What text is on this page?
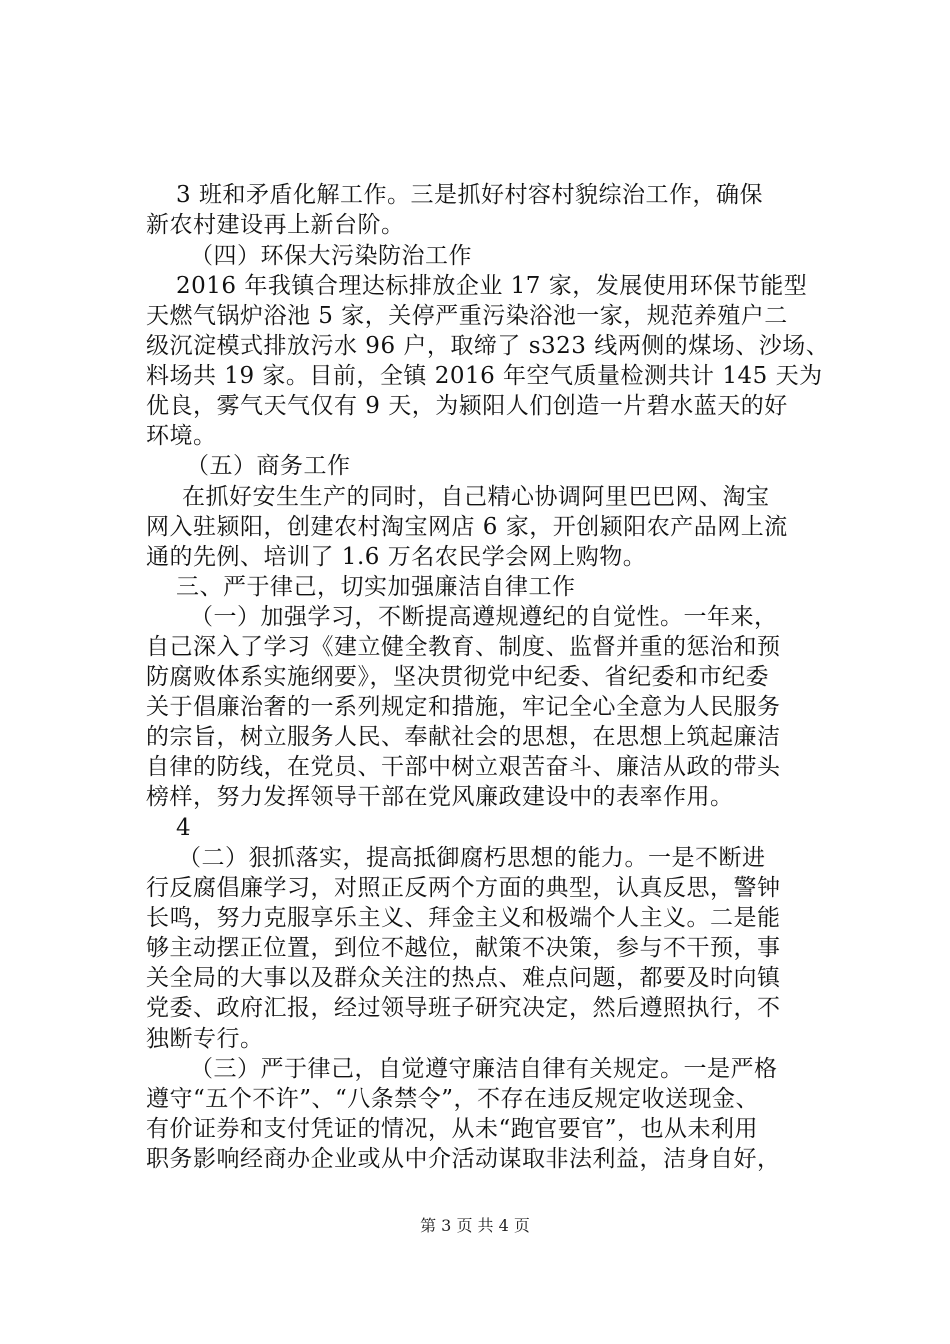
3 班和矛盾化解工作。三是抓好村容村貌综治工作，确保
新农村建设再上新台阶。
（四）环保大污染防治工作
2016 年我镇合理达标排放企业 17 家，发展使用环保节能型
天燃气锅炉浴池 5 家，关停严重污染浴池一家，规范养殖户二
级沉淀模式排放污水 96 户，取缔了 s323 线两侧的煤场、沙场、
料场共 19 家。目前，全镇 2016 年空气质量检测共计 145 天为
优良，雾气天气仅有 9 天，为颍阳人们创造一片碧水蓝天的好
环境。
（五）商务工作
在抓好安生生产的同时，自己精心协调阿里巴巴网、淘宝
网入驻颍阳，创建农村淘宝网店 6 家，开创颍阳农产品网上流
通的先例、培训了 1.6 万名农民学会网上购物。
三、严于律己，切实加强廉洁自律工作
（一）加强学习，不断提高遵规遵纪的自觉性。一年来，
自己深入了学习《建立健全教育、制度、监督并重的惩治和预
防腐败体系实施纲要》，坚决贯彻党中纪委、省纪委和市纪委
关于倡廉治奢的一系列规定和措施，牢记全心全意为人民服务
的宗旨，树立服务人民、奉献社会的思想，在思想上筑起廉洁
自律的防线，在党员、干部中树立艰苦奋斗、廉洁从政的带头
榜样，努力发挥领导干部在党风廉政建设中的表率作用。
4
（二）狠抓落实，提高抵御腐朽思想的能力。一是不断进
行反腐倡廉学习，对照正反两个方面的典型，认真反思，警钟
长鸣，努力克服享乐主义、拜金主义和极端个人主义。二是能
够主动摆正位置，到位不越位，献策不决策，参与不干预，事
关全局的大事以及群众关注的热点、难点问题，都要及时向镇
党委、政府汇报，经过领导班子研究决定，然后遵照执行，不
独断专行。
（三）严于律己，自觉遵守廉洁自律有关规定。一是严格
遵守“五个不许”、“八条禁令”，不存在违反规定收送现金、
有价证券和支付凭证的情况，从未“跑官要官”，也从未利用
职务影响经商办企业或从中介活动谋取非法利益，洁身自好，
第 3 页 共 4 页
